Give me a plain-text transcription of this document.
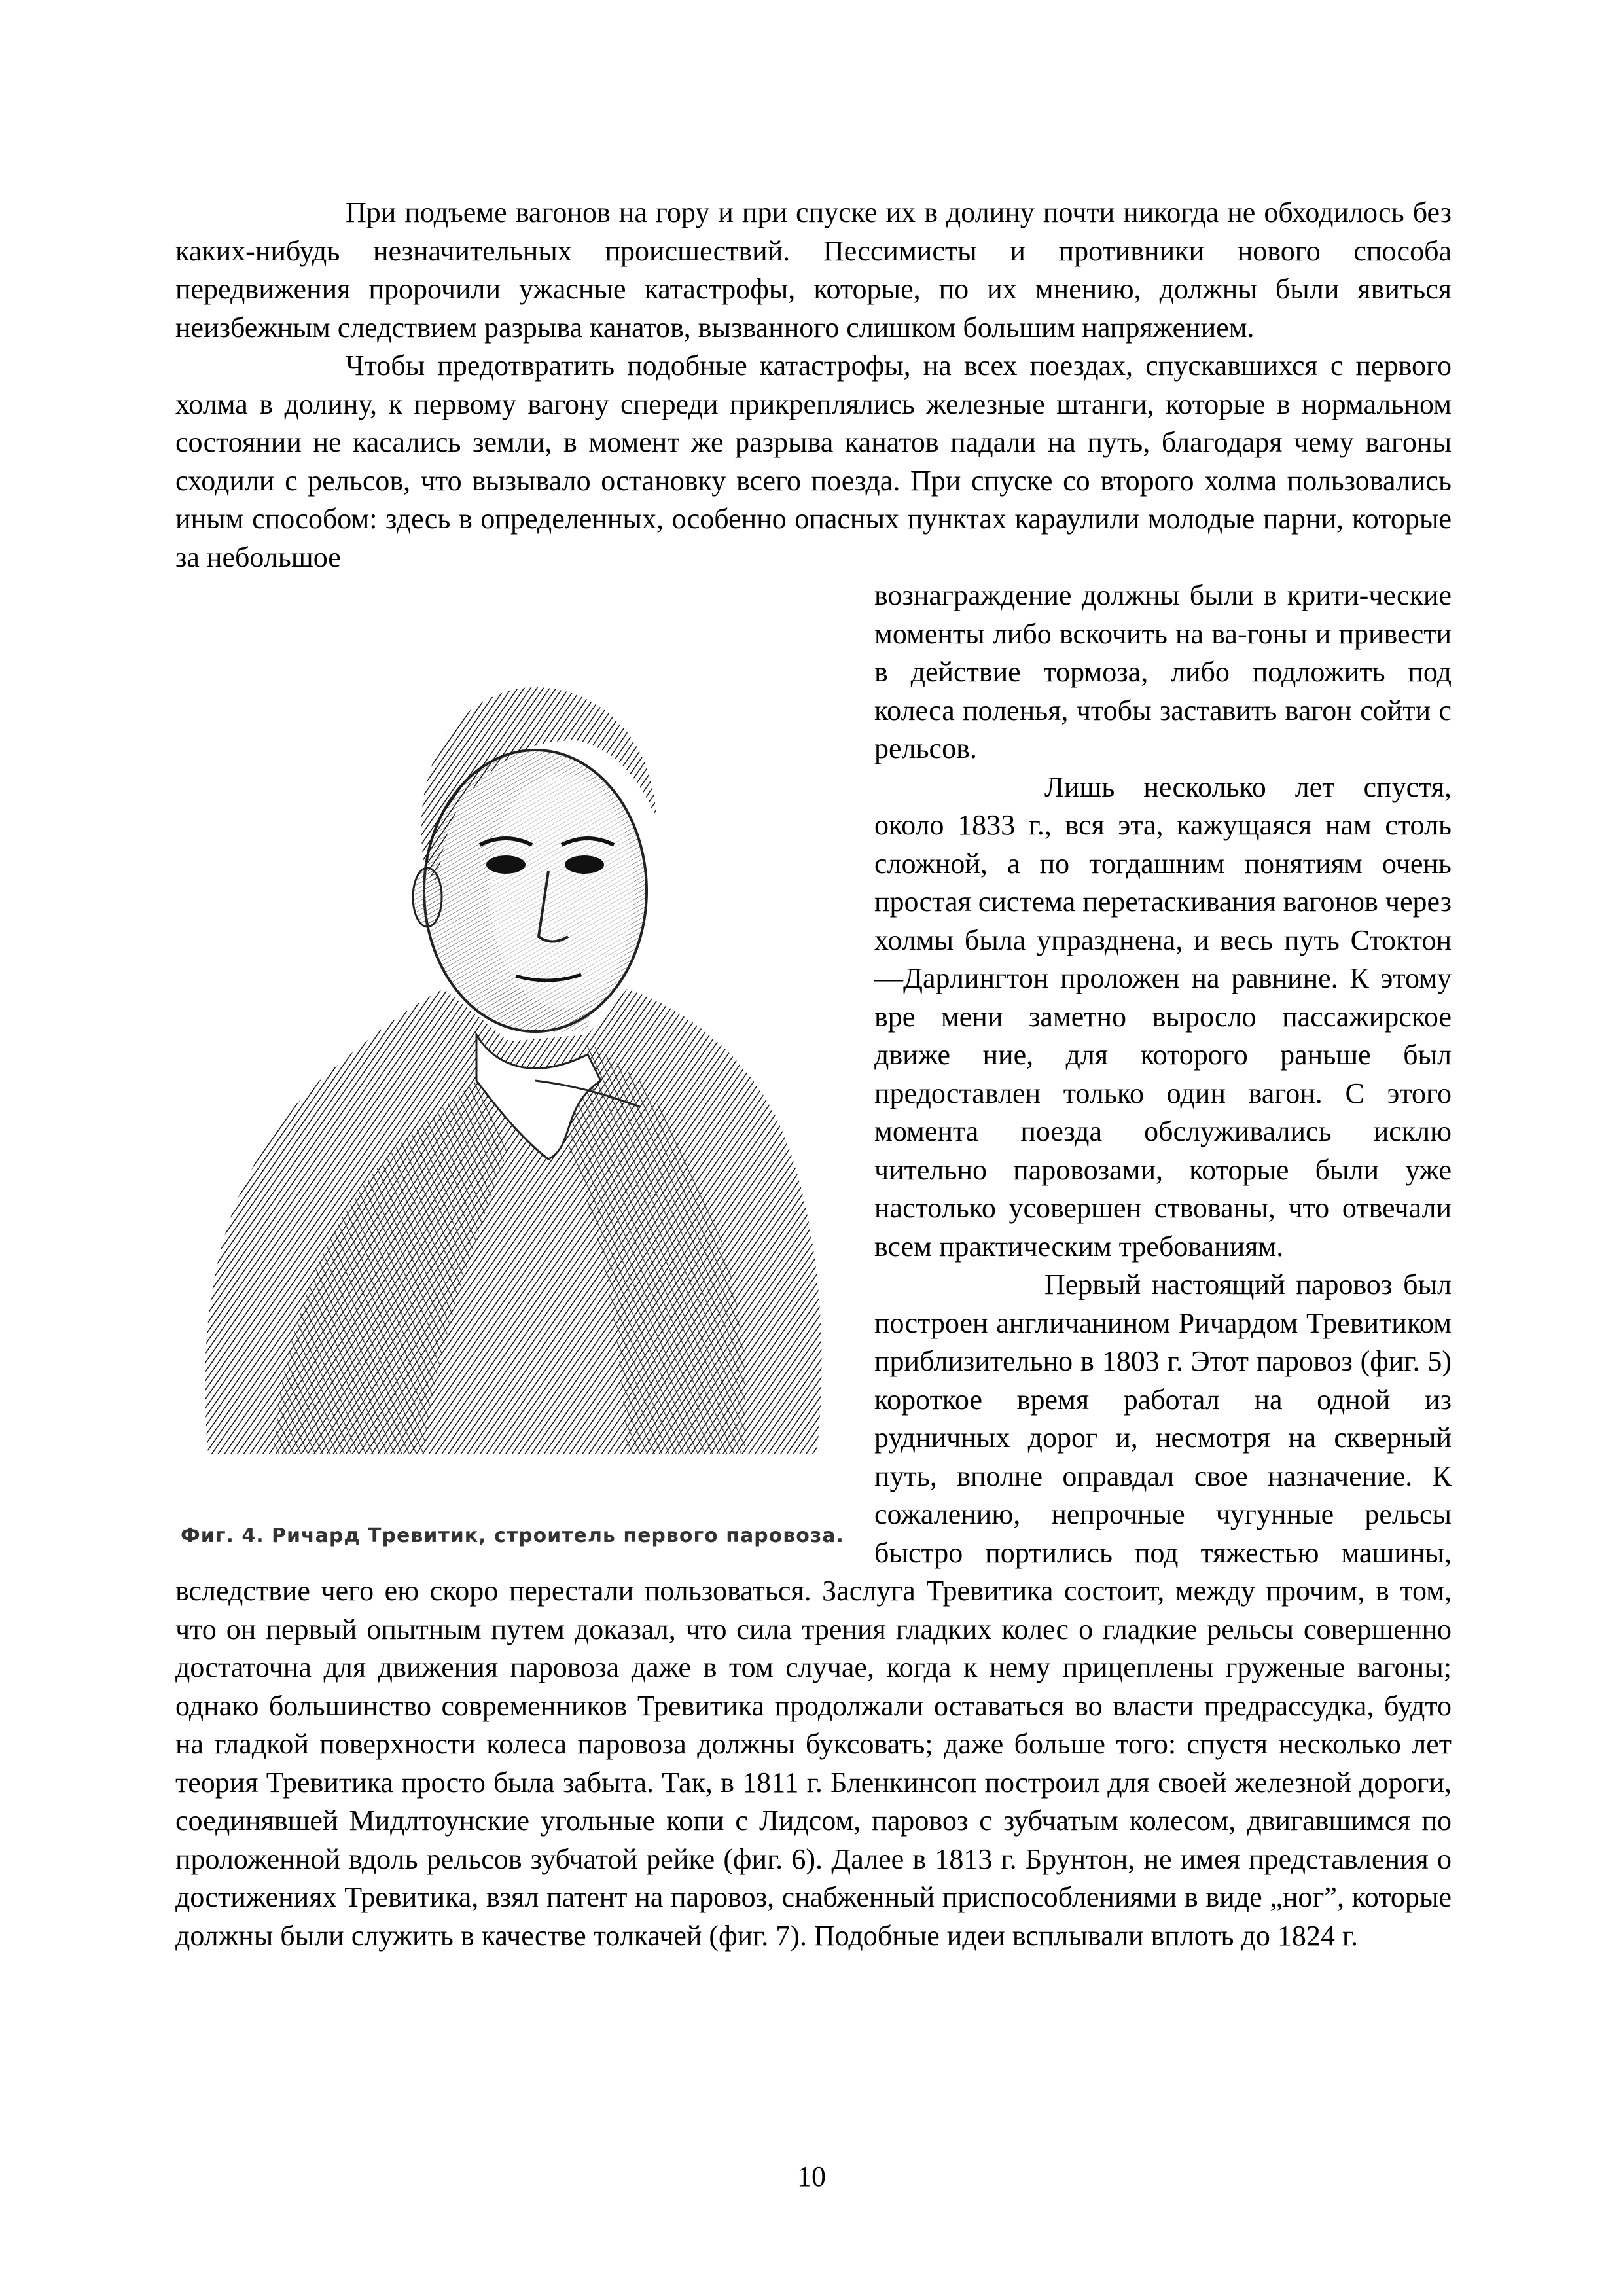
При подъеме вагонов на гору и при спуске их в долину почти никогда не обходилось без каких-нибудь незначительных происшествий. Пессимисты и противники нового способа передвижения пророчили ужасные катастрофы, которые, по их мнению, должны были явиться неизбежным следствием разрыва канатов, вызванного слишком большим напряжением.

Чтобы предотвратить подобные катастрофы, на всех поездах, спускавшихся с первого холма в долину, к первому вагону спереди прикреплялись железные штанги, которые в нормальном состоянии не касались земли, в момент же разрыва канатов падали на путь, благодаря чему вагоны сходили с рельсов, что вызывало остановку всего поезда. При спуске со второго холма пользовались иным способом: здесь в определенных, особенно опасных пунктах караулили молодые парни, которые за небольшое

Фиг. 4. Ричард Тревитик, строитель первого паровоза.

вознаграждение должны были в крити-ческие моменты либо вскочить на ва-гоны и привести в действие тормоза, либо подложить под колеса поленья, чтобы заставить вагон сойти с рельсов.

Лишь несколько лет спустя, около 1833 г., вся эта, кажущаяся нам столь сложной, а по тогдашним понятиям очень простая система перетаскивания вагонов через холмы была упразднена, и весь путь Стоктон—Дарлингтон проложен на равнине. К этому вре мени заметно выросло пассажирское движе ние, для которого раньше был предоставлен только один вагон. С этого момента поезда обслуживались исклю чительно паровозами, которые были уже настолько усовершен ствованы, что отвечали всем практическим требованиям.

Первый настоящий паровоз был построен англичанином Ричардом Тревитиком приблизительно в 1803 г. Этот паровоз (фиг. 5) короткое время работал на одной из рудничных дорог и, несмотря на скверный путь, вполне оправдал свое назначение. К сожалению, непрочные чугунные рельсы быстро портились под тяжестью машины, вследствие чего ею скоро перестали пользоваться. Заслуга Тревитика состоит, между прочим, в том, что он первый опытным путем доказал, что сила трения гладких колес о гладкие рельсы совершенно достаточна для движения паровоза даже в том случае, когда к нему прицеплены груженые вагоны; однако большинство современников Тревитика продолжали оставаться во власти предрассудка, будто на гладкой поверхности колеса паровоза должны буксовать; даже больше того: спустя несколько лет теория Тревитика просто была забыта. Так, в 1811 г. Бленкинсоп построил для своей железной дороги, соединявшей Мидлтоунские угольные копи с Лидсом, паровоз с зубчатым колесом, двигавшимся по проложенной вдоль рельсов зубчатой рейке (фиг. 6). Далее в 1813 г. Брунтон, не имея представления о достижениях Тревитика, взял патент на паровоз, снабженный приспособлениями в виде „ног”, которые должны были служить в качестве толкачей (фиг. 7). Подобные идеи всплывали вплоть до 1824 г.

10
